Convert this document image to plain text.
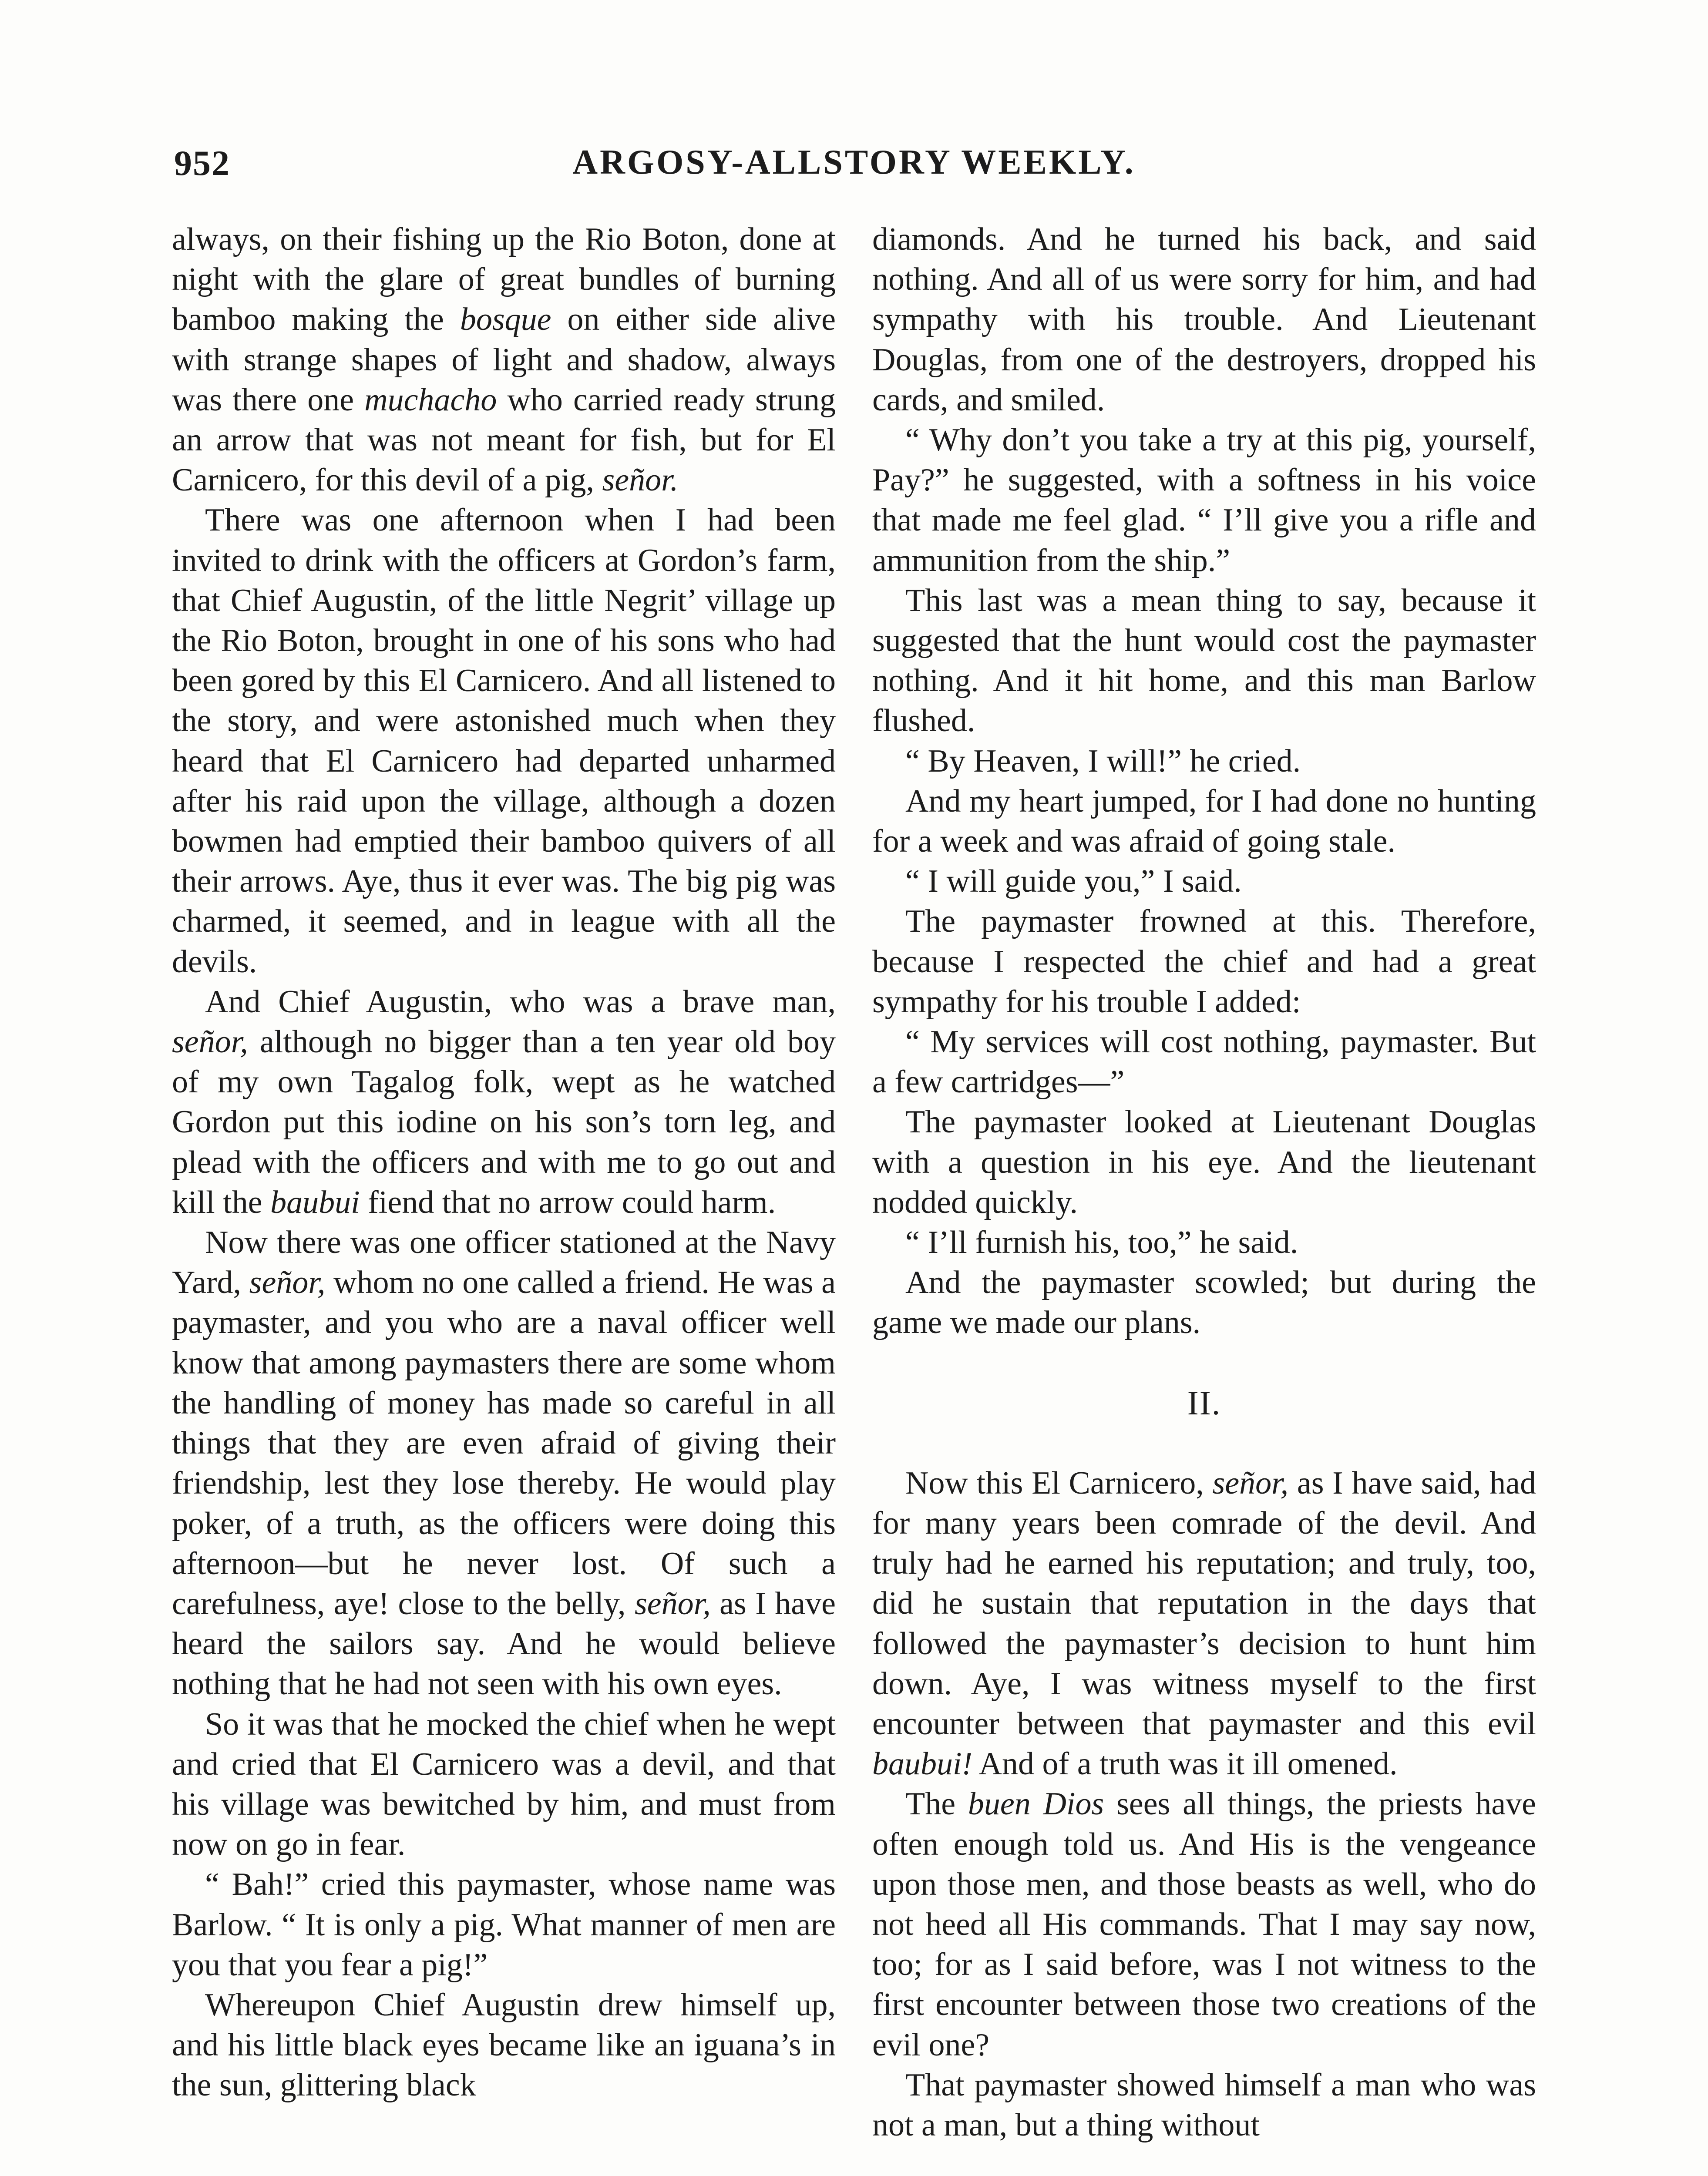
952	ARGOSY-ALLSTORY WEEKLY.

always, on their fishing up the Rio Boton, done at night with the glare of great bundles of burning bamboo making the bosque on either side alive with strange shapes of light and shadow, always was there one muchacho who carried ready strung an arrow that was not meant for fish, but for El Carnicero, for this devil of a pig, señor.

There was one afternoon when I had been invited to drink with the officers at Gordon’s farm, that Chief Augustin, of the little Negrit’ village up the Rio Boton, brought in one of his sons who had been gored by this El Carnicero. And all listened to the story, and were astonished much when they heard that El Carnicero had departed unharmed after his raid upon the village, although a dozen bowmen had emptied their bamboo quivers of all their arrows. Aye, thus it ever was. The big pig was charmed, it seemed, and in league with all the devils.

And Chief Augustin, who was a brave man, señor, although no bigger than a ten year old boy of my own Tagalog folk, wept as he watched Gordon put this iodine on his son’s torn leg, and plead with the officers and with me to go out and kill the baubui fiend that no arrow could harm.

Now there was one officer stationed at the Navy Yard, señor, whom no one called a friend. He was a paymaster, and you who are a naval officer well know that among paymasters there are some whom the handling of money has made so careful in all things that they are even afraid of giving their friendship, lest they lose thereby. He would play poker, of a truth, as the officers were doing this afternoon—but he never lost. Of such a carefulness, aye! close to the belly, señor, as I have heard the sailors say. And he would believe nothing that he had not seen with his own eyes.

So it was that he mocked the chief when he wept and cried that El Carnicero was a devil, and that his village was bewitched by him, and must from now on go in fear.

“ Bah!” cried this paymaster, whose name was Barlow. “ It is only a pig. What manner of men are you that you fear a pig!”

Whereupon Chief Augustin drew himself up, and his little black eyes became like an iguana’s in the sun, glittering black

diamonds. And he turned his back, and said nothing. And all of us were sorry for him, and had sympathy with his trouble. And Lieutenant Douglas, from one of the destroyers, dropped his cards, and smiled.

“ Why don’t you take a try at this pig, yourself, Pay?” he suggested, with a softness in his voice that made me feel glad. “ I’ll give you a rifle and ammunition from the ship.”

This last was a mean thing to say, because it suggested that the hunt would cost the paymaster nothing. And it hit home, and this man Barlow flushed.

“ By Heaven, I will!” he cried.

And my heart jumped, for I had done no hunting for a week and was afraid of going stale.

“ I will guide you,” I said.

The paymaster frowned at this. Therefore, because I respected the chief and had a great sympathy for his trouble I added:

“ My services will cost nothing, paymaster. But a few cartridges—”

The paymaster looked at Lieutenant Douglas with a question in his eye. And the lieutenant nodded quickly.

“ I’ll furnish his, too,” he said.

And the paymaster scowled; but during the game we made our plans.

II.

Now this El Carnicero, señor, as I have said, had for many years been comrade of the devil. And truly had he earned his reputation; and truly, too, did he sustain that reputation in the days that followed the paymaster’s decision to hunt him down. Aye, I was witness myself to the first encounter between that paymaster and this evil baubui! And of a truth was it ill omened.

The buen Dios sees all things, the priests have often enough told us. And His is the vengeance upon those men, and those beasts as well, who do not heed all His commands. That I may say now, too; for as I said before, was I not witness to the first encounter between those two creations of the evil one?

That paymaster showed himself a man who was not a man, but a thing without
